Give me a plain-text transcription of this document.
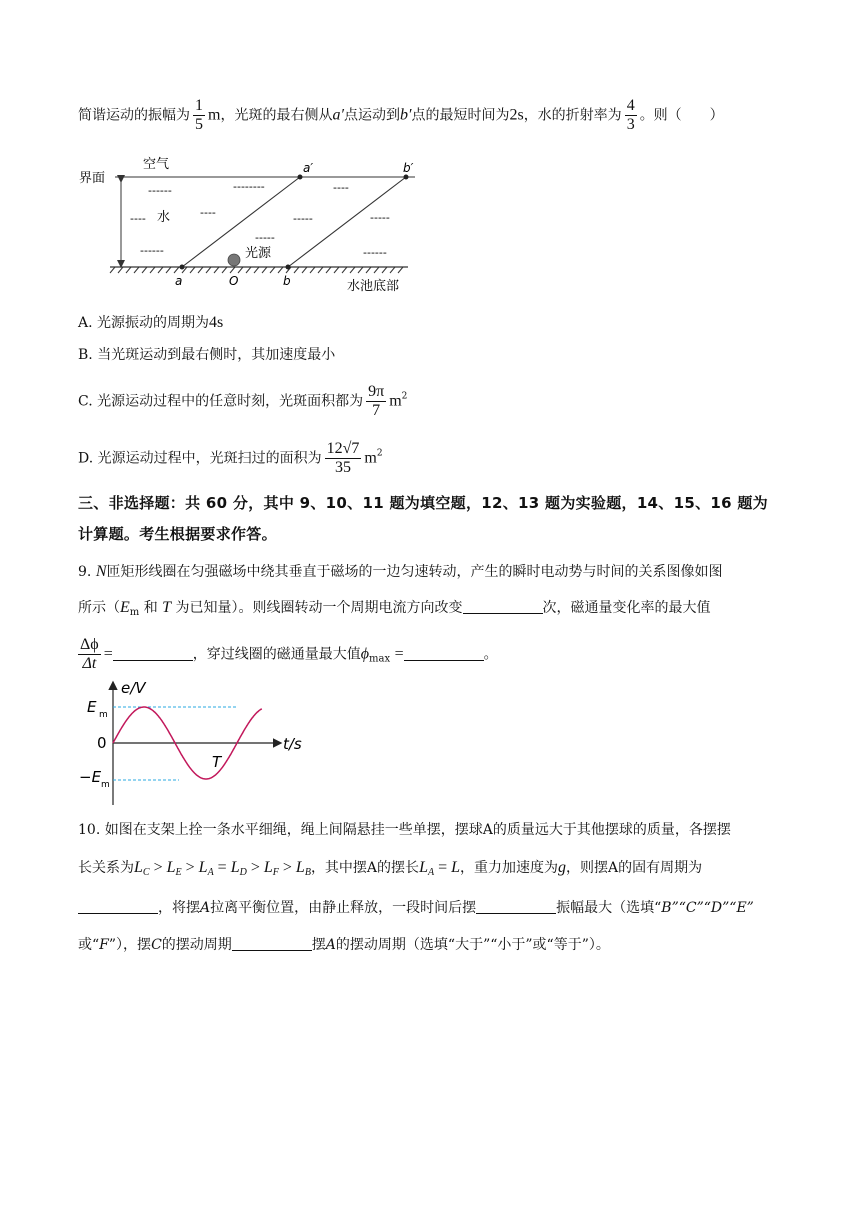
简谐运动的振幅为 $\frac{1}{5}$ m，光斑的最右侧从a′点运动到b′点的最短时间为2s，水的折射率为 $\frac{4}{3}$ 。则（　　）
界面
空气
光源
a	O	b
a′	b′
水池底部
------	--------	----
---- 水	----	-----	-----
-----
------	------
A. 光源振动的周期为4s
B. 当光斑运动到最右侧时，其加速度最小
C. 光源运动过程中的任意时刻，光斑面积都为 $\frac{9\pi}{7} m^2$
D. 光源运动过程中，光斑扫过的面积为 $\frac{12√7}{35} m^2$
三、非选择题：共 60 分，其中 9、10、11 题为填空题，12、13 题为实验题，14、15、16 题为
计算题。考生根据要求作答。
9. N匝矩形线圈在匀强磁场中绕其垂直于磁场的一边匀速转动，产生的瞬时电动势与时间的关系图像如图
所示（$E_m$ 和 T 为已知量）。则线圈转动一个周期电流方向改变	次，磁通量变化率的最大值
$\frac{\Delta\phi}{\Delta t}$ =	，穿过线圈的磁通量最大值$\phi_{max}$ =	。
e/V
t/s
E m
0
−E m
T
10. 如图在支架上拴一条水平细绳，绳上间隔悬挂一些单摆，摆球A的质量远大于其他摆球的质量，各摆摆
长关系为$L_C > L_E > L_A = L_D > L_F > L_B$，其中摆A的摆长$L_A = L$，重力加速度为g，则摆A的固有周期为
，将摆A拉离平衡位置，由静止释放，一段时间后摆	振幅最大（选填“B”“C”“D”“E”
或“F”），摆C的摆动周期	摆A的摆动周期（选填“大于”“小于”或“等于”）。
